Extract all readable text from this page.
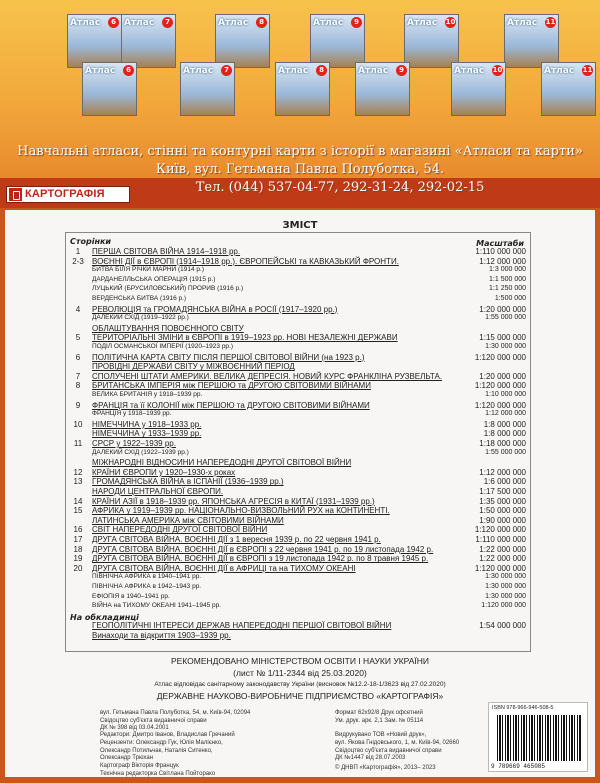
Атлас	6 Атлас	7	Атлас	8	Атлас	9	Атлас 10	Атлас 11
Атлас	6	Атлас	7	Атлас	8	Атлас	9	Атлас 10	Атлас 11
Навчальні атласи, стінні та контурні карти з історії в магазині «Атласи та карти»
Київ, вул. Гетьмана Павла Полуботка, 54.
Тел. (044) 537-04-77, 292-31-24, 292-02-15
КАРТОГРАФІЯ
ЗМІСТ
Сторінки	Масштаби
1	ПЕРША СВІТОВА ВІЙНА 1914–1918 рр.	1:110 000 000
2-3 ВОЄННІ ДІЇ в ЄВРОПІ (1914–1918 рр.). ЄВРОПЕЙСЬКІ та КАВКАЗЬКИЙ ФРОНТИ.	1:12 000 000
БИТВА БІЛЯ РІЧКИ МАРНИ (1914 р.)	1:3 000 000
ДАРДАНЕЛЛЬСЬКА ОПЕРАЦІЯ (1915 р.)	1:1 500 000
ЛУЦЬКИЙ (БРУСИЛОВСЬКИЙ) ПРОРИВ (1916 р.)	1:1 250 000
ВЕРДЕНСЬКА БИТВА (1916 р.)	1:500 000
4	РЕВОЛЮЦІЯ та ГРОМАДЯНСЬКА ВІЙНА в РОСІЇ (1917–1920 рр.)	1:20 000 000
ДАЛЕКИЙ СХІД (1919–1922 рр.)	1:55 000 000
ОБЛАШТУВАННЯ ПОВОЄННОГО СВІТУ
5	ТЕРИТОРІАЛЬНІ ЗМІНИ в ЄВРОПІ в 1919–1923 рр. НОВІ НЕЗАЛЕЖНІ ДЕРЖАВИ	1:15 000 000
ПОДІЛ ОСМАНСЬКОЇ ІМПЕРІЇ (1920–1923 рр.)	1:30 000 000
6	ПОЛІТИЧНА КАРТА СВІТУ ПІСЛЯ ПЕРШОЇ СВІТОВОЇ ВІЙНИ (на 1923 р.)	1:120 000 000
ПРОВІДНІ ДЕРЖАВИ СВІТУ у МІЖВОЄННИЙ ПЕРІОД
7	СПОЛУЧЕНІ ШТАТИ АМЕРИКИ. ВЕЛИКА ДЕПРЕСІЯ. НОВИЙ КУРС ФРАНКЛІНА РУЗВЕЛЬТА.	1:20 000 000
8	БРИТАНСЬКА ІМПЕРІЯ між ПЕРШОЮ та ДРУГОЮ СВІТОВИМИ ВІЙНАМИ	1:120 000 000
ВЕЛИКА БРИТАНІЯ у 1918–1939 рр.	1:10 000 000
9	ФРАНЦІЯ та її КОЛОНІЇ між ПЕРШОЮ та ДРУГОЮ СВІТОВИМИ ВІЙНАМИ	1:120 000 000
ФРАНЦІЯ у 1918–1939 рр.	1:12 000 000
10	НІМЕЧЧИНА у 1918–1933 рр.	1:8 000 000
НІМЕЧЧИНА у 1933–1939 рр.	1:8 000 000
11	СРСР у 1922–1939 рр.	1:18 000 000
ДАЛЕКИЙ СХІД (1922–1939 рр.)	1:55 000 000
МІЖНАРОДНІ ВІДНОСИНИ НАПЕРЕДОДНІ ДРУГОЇ СВІТОВОЇ ВІЙНИ
12	КРАЇНИ ЄВРОПИ у 1920–1930-х роках	1:12 000 000
13	ГРОМАДЯНСЬКА ВІЙНА в ІСПАНІЇ (1936–1939 рр.)	1:6 000 000
НАРОДИ ЦЕНТРАЛЬНОЇ ЄВРОПИ.	1:17 500 000
14	КРАЇНИ АЗІЇ в 1918–1939 рр. ЯПОНСЬКА АГРЕСІЯ в КИТАЇ (1931–1939 рр.)	1:35 000 000
15	АФРИКА у 1919–1939 рр. НАЦІОНАЛЬНО-ВИЗВОЛЬНИЙ РУХ на КОНТИНЕНТІ.	1:50 000 000
ЛАТИНСЬКА АМЕРИКА між СВІТОВИМИ ВІЙНАМИ	1:90 000 000
16	СВІТ НАПЕРЕДОДНІ ДРУГОЇ СВІТОВОЇ ВІЙНИ	1:120 000 000
17	ДРУГА СВІТОВА ВІЙНА. ВОЄННІ ДІЇ з 1 вересня 1939 р. по 22 червня 1941 р.	1:110 000 000
18	ДРУГА СВІТОВА ВІЙНА. ВОЄННІ ДІЇ в ЄВРОПІ з 22 червня 1941 р. по 19 листопада 1942 р.	1:22 000 000
19	ДРУГА СВІТОВА ВІЙНА. ВОЄННІ ДІЇ в ЄВРОПІ з 19 листопада 1942 р. по 8 травня 1945 р.	1:22 000 000
20	ДРУГА СВІТОВА ВІЙНА. ВОЄННІ ДІЇ в АФРИЦІ та на ТИХОМУ ОКЕАНІ	1:120 000 000
ПІВНІЧНА АФРИКА в 1940–1941 рр.	1:30 000 000
ПІВНІЧНА АФРИКА в 1942–1943 рр.	1:30 000 000
ЕФІОПІЯ в 1940–1941 рр.	1:30 000 000
ВІЙНА на ТИХОМУ ОКЕАНІ 1941–1945 рр.	1:120 000 000
На обкладинці
ГЕОПОЛІТИЧНІ ІНТЕРЕСИ ДЕРЖАВ НАПЕРЕДОДНІ ПЕРШОЇ СВІТОВОЇ ВІЙНИ	1:54 000 000
Винаходи та відкриття 1903–1939 рр.
РЕКОМЕНДОВАНО МІНІСТЕРСТВОМ ОСВІТИ І НАУКИ УКРАЇНИ
(лист № 1/11-2344 від 25.03.2020)
Атлас відповідає санітарному законодавству України (висновок №12.2-18-1/3623 від 27.02.2020)
ДЕРЖАВНЕ НАУКОВО-ВИРОБНИЧЕ ПІДПРИЄМСТВО «КАРТОГРАФІЯ»
вул. Гетьмана Павла Полуботка, 54, м. Київ-94, 02094
Свідоцтво суб'єкта видавничої справи
ДК № 398 від 03.04.2001
Редактори: Дмитро Іванов, Владислав Гречаний
Рецензенти: Олександр Гук, Юлія Малієнко,
Олександр Потильчак, Наталія Ситенко,
Олександр Трюхан
Картограф Вікторія Францук
Технічна редакторка Світлана Пойторако
Формат 62х92/8 Друк офсетний
Ум. друк. арк. 2,1 Зам. № 05114
Видрукувано ТОВ «Новий друк»,
вул. Якова Гнідовського, 1, м. Київ-94, 02660
Свідоцтво суб'єкта видавничої справи
ДК №1447 від 28.07.2003
© ДНВП «Картографія», 2013– 2023
ISBN 978-966-946-508-5
9 789669 465085
